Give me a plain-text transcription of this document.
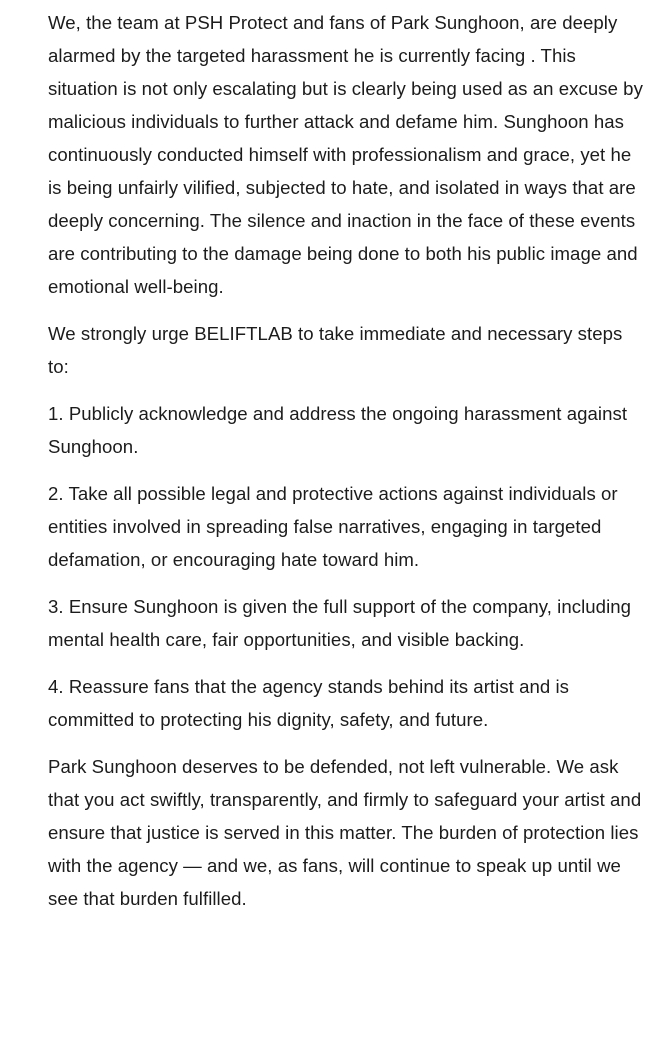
We, the team at PSH Protect and fans of Park Sunghoon, are deeply alarmed by the targeted harassment he is currently facing . This situation is not only escalating but is clearly being used as an excuse by malicious individuals to further attack and defame him. Sunghoon has continuously conducted himself with professionalism and grace, yet he is being unfairly vilified, subjected to hate, and isolated in ways that are deeply concerning. The silence and inaction in the face of these events are contributing to the damage being done to both his public image and emotional well-being.

We strongly urge BELIFTLAB to take immediate and necessary steps to:

1. Publicly acknowledge and address the ongoing harassment against Sunghoon.

2. Take all possible legal and protective actions against individuals or entities involved in spreading false narratives, engaging in targeted defamation, or encouraging hate toward him.

3. Ensure Sunghoon is given the full support of the company, including mental health care, fair opportunities, and visible backing.

4. Reassure fans that the agency stands behind its artist and is committed to protecting his dignity, safety, and future.

Park Sunghoon deserves to be defended, not left vulnerable. We ask that you act swiftly, transparently, and firmly to safeguard your artist and ensure that justice is served in this matter. The burden of protection lies with the agency — and we, as fans, will continue to speak up until we see that burden fulfilled.
